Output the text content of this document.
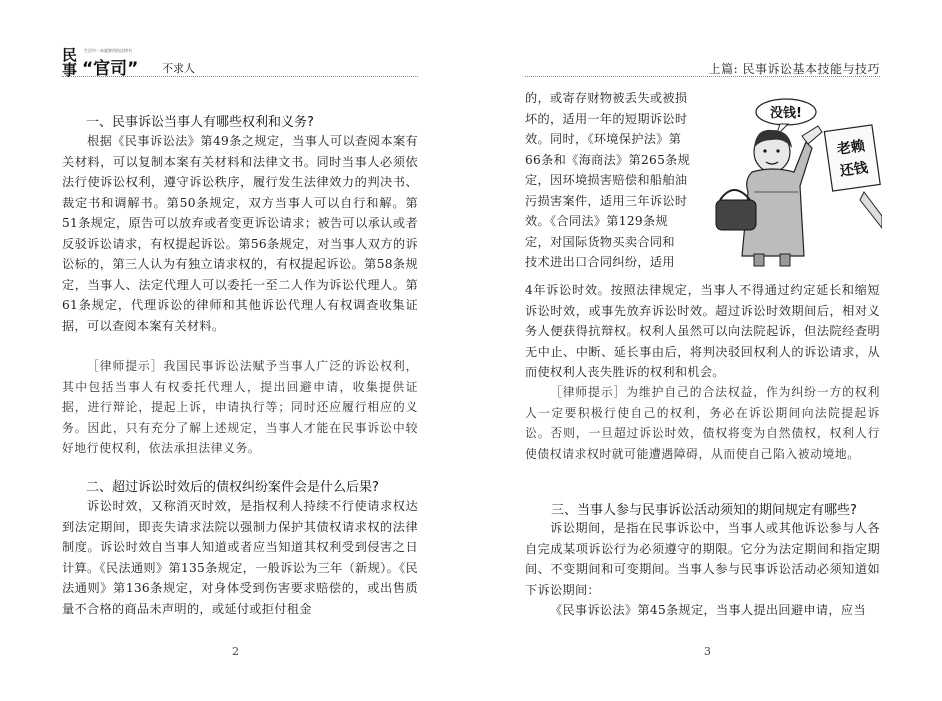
民事
生活中一本就够用的法律书
“官司” 不求人
一、民事诉讼当事人有哪些权利和义务?

根据《民事诉讼法》第49条之规定，当事人可以查阅本案有关材料，可以复制本案有关材料和法律文书。同时当事人必须依法行使诉讼权利，遵守诉讼秩序，履行发生法律效力的判决书、裁定书和调解书。第50条规定，双方当事人可以自行和解。第51条规定，原告可以放弃或者变更诉讼请求；被告可以承认或者反驳诉讼请求，有权提起诉讼。第56条规定，对当事人双方的诉讼标的，第三人认为有独立请求权的，有权提起诉讼。第58条规定，当事人、法定代理人可以委托一至二人作为诉讼代理人。第61条规定，代理诉讼的律师和其他诉讼代理人有权调查收集证据，可以查阅本案有关材料。

［律师提示］我国民事诉讼法赋予当事人广泛的诉讼权利，其中包括当事人有权委托代理人，提出回避申请，收集提供证据，进行辩论，提起上诉，申请执行等；同时还应履行相应的义务。因此，只有充分了解上述规定，当事人才能在民事诉讼中较好地行使权利，依法承担法律义务。

二、超过诉讼时效后的债权纠纷案件会是什么后果?

诉讼时效，又称消灭时效，是指权利人持续不行使请求权达到法定期间，即丧失请求法院以强制力保护其债权请求权的法律制度。诉讼时效自当事人知道或者应当知道其权利受到侵害之日计算。《民法通则》第135条规定，一般诉讼为三年（新规）。《民法通则》第136条规定，对身体受到伤害要求赔偿的，或出售质量不合格的商品未声明的，或延付或拒付租金

2
上篇: 民事诉讼基本技能与技巧
的，或寄存财物被丢失或被损
坏的，适用一年的短期诉讼时
效。同时，《环境保护法》第
66条和《海商法》第265条规
定，因环境损害赔偿和船舶油
污损害案件，适用三年诉讼时
效。《合同法》第129条规
定，对国际货物买卖合同和
技术进出口合同纠纷，适用

4年诉讼时效。按照法律规定，当事人不得通过约定延长和缩短诉讼时效，或事先放弃诉讼时效。超过诉讼时效期间后，相对义务人便获得抗辩权。权利人虽然可以向法院起诉，但法院经查明无中止、中断、延长事由后，将判决驳回权利人的诉讼请求，从而使权利人丧失胜诉的权利和机会。

［律师提示］为维护自己的合法权益，作为纠纷一方的权利人一定要积极行使自己的权利，务必在诉讼期间向法院提起诉讼。否则，一旦超过诉讼时效，债权将变为自然债权，权利人行使债权请求权时就可能遭遇障碍，从而使自己陷入被动境地。

三、当事人参与民事诉讼活动须知的期间规定有哪些?

诉讼期间，是指在民事诉讼中，当事人或其他诉讼参与人各自完成某项诉讼行为必须遵守的期限。它分为法定期间和指定期间、不变期间和可变期间。当事人参与民事诉讼活动必须知道如下诉讼期间：

《民事诉讼法》第45条规定，当事人提出回避申请，应当

3
没钱!
老赖
还钱
